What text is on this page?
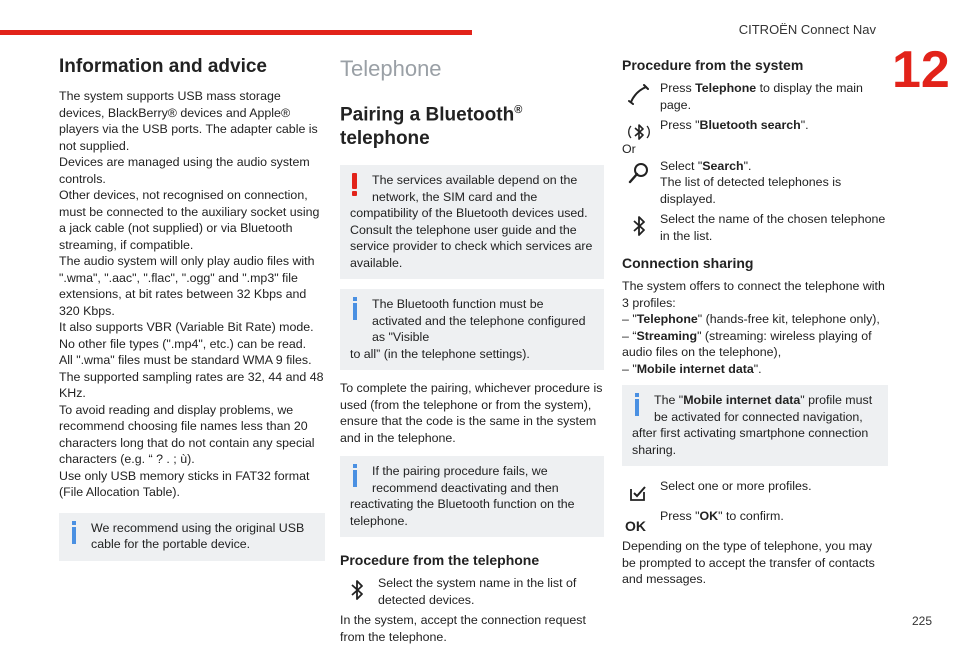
CITROËN Connect Nav
12
Information and advice

The system supports USB mass storage devices, BlackBerry® devices and Apple® players via the USB ports. The adapter cable is not supplied.

Devices are managed using the audio system controls.

Other devices, not recognised on connection, must be connected to the auxiliary socket using a jack cable (not supplied) or via Bluetooth streaming, if compatible.

The audio system will only play audio files with ".wma", ".aac", ".flac", ".ogg" and ".mp3" file extensions, at bit rates between 32 Kbps and 320 Kbps.

It also supports VBR (Variable Bit Rate) mode.

No other file types (".mp4", etc.) can be read.

All ".wma" files must be standard WMA 9 files.

The supported sampling rates are 32, 44 and 48 KHz.

To avoid reading and display problems, we recommend choosing file names less than 20 characters long that do not contain any special characters (e.g. “ ? . ; ù).

Use only USB memory sticks in FAT32 format (File Allocation Table).

We recommend using the original USB cable for the portable device.

Telephone
Pairing a Bluetooth®
telephone

The services available depend on the network, the SIM card and the

compatibility of the Bluetooth devices used. Consult the telephone user guide and the service provider to check which services are available.

The Bluetooth function must be activated and the telephone configured as "Visible

to all” (in the telephone settings).

To complete the pairing, whichever procedure is used (from the telephone or from the system), ensure that the code is the same in the system and in the telephone.

If the pairing procedure fails, we recommend deactivating and then

reactivating the Bluetooth function on the telephone.

Procedure from the telephone

Select the system name in the list of detected devices.

In the system, accept the connection request from the telephone.

Procedure from the system

Press Telephone to display the main page.

Press "Bluetooth search".

Or

Select "Search".

The list of detected telephones is displayed.

Select the name of the chosen telephone in the list.

Connection sharing

The system offers to connect the telephone with 3 profiles:

– "Telephone" (hands-free kit, telephone only),

– “Streaming" (streaming: wireless playing of audio files on the telephone),

– "Mobile internet data".

The "Mobile internet data" profile must be activated for connected navigation,

after first activating smartphone connection sharing.

Select one or more profiles.

OK

Press "OK" to confirm.

Depending on the type of telephone, you may be prompted to accept the transfer of contacts and messages.

225
